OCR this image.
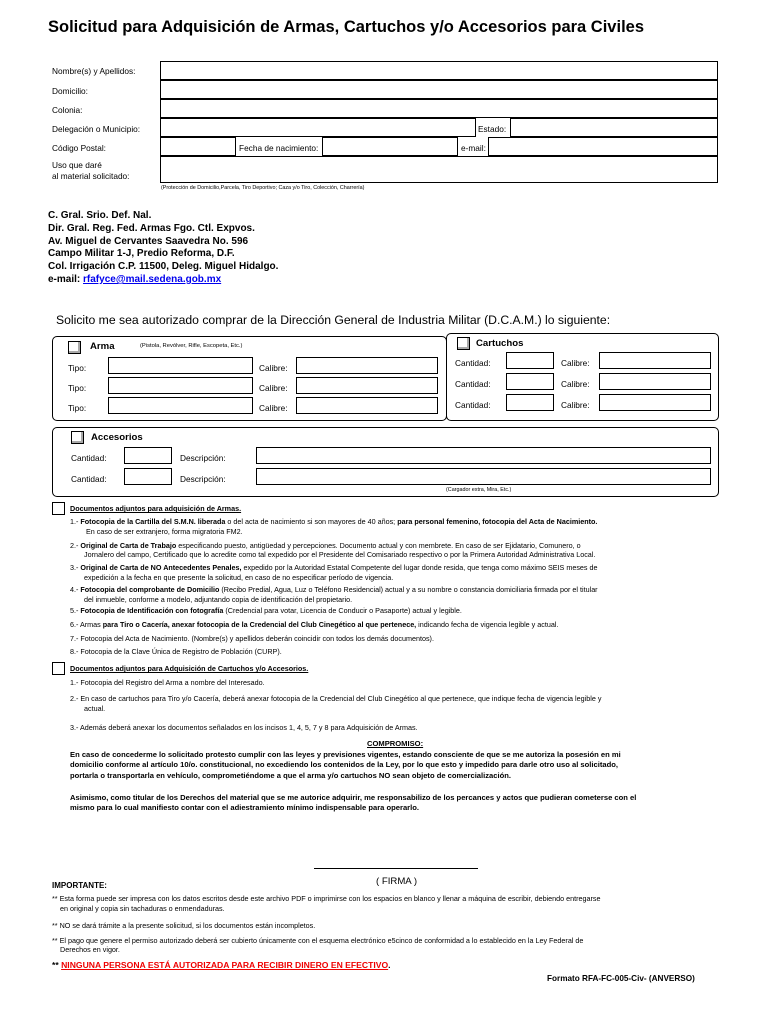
Solicitud para Adquisición de Armas, Cartuchos y/o Accesorios para Civiles
Nombre(s) y Apellidos:
Domicilio:
Colonia:
Delegación o Municipio:	Estado:
Código Postal:	Fecha de nacimiento:	e-mail:
Uso que daré
al material solicitado:
(Protección de Domicilio,Parcela, Tiro Deportivo; Caza y/o Tiro, Colección, Charrería)
C. Gral. Srio. Def. Nal.
Dir. Gral. Reg. Fed. Armas Fgo. Ctl. Expvos.
Av. Miguel de Cervantes Saavedra No. 596
Campo Militar 1-J, Predio Reforma, D.F.
Col. Irrigación C.P. 11500, Deleg. Miguel Hidalgo.
e-mail: rfafyce@mail.sedena.gob.mx
Solicito me sea autorizado comprar de la Dirección General de Industria Militar (D.C.A.M.) lo siguiente:
Arma	(Pistola, Revólver, Rifle, Escopeta, Etc.)
Tipo:	Calibre:
Tipo:	Calibre:
Tipo:	Calibre:
Cartuchos
Cantidad:	Calibre:
Cantidad:	Calibre:
Cantidad:	Calibre:
Accesorios
Cantidad:	Descripción:
Cantidad:	Descripción:
(Cargador extra, Mira, Etc.)
Documentos adjuntos para adquisición de Armas.
1.- Fotocopia de la Cartilla del S.M.N. liberada o del acta de nacimiento si son mayores de 40 años; para personal femenino, fotocopia del Acta de Nacimiento.
En caso de ser extranjero, forma migratoria FM2.
2.- Original de Carta de Trabajo especificando puesto, antigüedad y percepciones. Documento actual y con membrete. En caso de ser Ejidatario, Comunero, o
Jornalero del campo, Certificado que lo acredite como tal expedido por el Presidente del Comisariado respectivo o por la Primera Autoridad Administrativa Local.
3.- Original de Carta de NO Antecedentes Penales, expedido por la Autoridad Estatal Competente del lugar donde resida, que tenga como máximo SEIS meses de
expedición a la fecha en que presente la solicitud, en caso de no especificar período de vigencia.
4.- Fotocopia del comprobante de Domicilio (Recibo Predial, Agua, Luz o Teléfono Residencial) actual y a su nombre o constancia domiciliaria firmada por el titular
del inmueble, conforme a modelo, adjuntando copia de identificación del propietario.
5.- Fotocopia de Identificación con fotografía (Credencial para votar, Licencia de Conducir o Pasaporte) actual y legible.
6.- Armas para Tiro o Cacería, anexar fotocopia de la Credencial del Club Cinegético al que pertenece, indicando fecha de vigencia legible y actual.
7.- Fotocopia del Acta de Nacimiento. (Nombre(s) y apellidos deberán coincidir con todos los demás documentos).
8.- Fotocopia de la Clave Única de Registro de Población (CURP).
Documentos adjuntos para Adquisición de Cartuchos y/o Accesorios.
1.- Fotocopia del Registro del Arma a nombre del Interesado.
2.- En caso de cartuchos para Tiro y/o Cacería, deberá anexar fotocopia de la Credencial del Club Cinegético al que pertenece, que indique fecha de vigencia legible y
actual.
3.- Además deberá anexar los documentos señalados en los incisos 1, 4, 5, 7 y 8 para Adquisición de Armas.
COMPROMISO:
En caso de concederme lo solicitado protesto cumplir con las leyes y previsiones vigentes, estando consciente de que se me autoriza la posesión en mi
domicilio conforme al artículo 10/o. constitucional, no excediendo los contenidos de la Ley, por lo que esto y impedido para darle otro uso al solicitado,
portarla o transportarla en vehículo, comprometiéndome a que el arma y/o cartuchos NO sean objeto de comercialización.
Asimismo, como titular de los Derechos del material que se me autorice adquirir, me responsabilizo de los percances y actos que pudieran cometerse con el
mismo para lo cual manifiesto contar con el adiestramiento mínimo indispensable para operarlo.
( FIRMA )
IMPORTANTE:
** Esta forma puede ser impresa con los datos escritos desde este archivo PDF o imprimirse con los espacios en blanco y llenar a máquina de escribir, debiendo entregarse
en original y copia sin tachaduras o enmendaduras.
** NO se dará trámite a la presente solicitud, si los documentos están incompletos.
** El pago que genere el permiso autorizado deberá ser cubierto únicamente con el esquema electrónico e5cinco de conformidad a lo establecido en la Ley Federal de
Derechos en vigor.
** NINGUNA PERSONA ESTÁ AUTORIZADA PARA RECIBIR DINERO EN EFECTIVO.
Formato RFA-FC-005-Civ- (ANVERSO)
